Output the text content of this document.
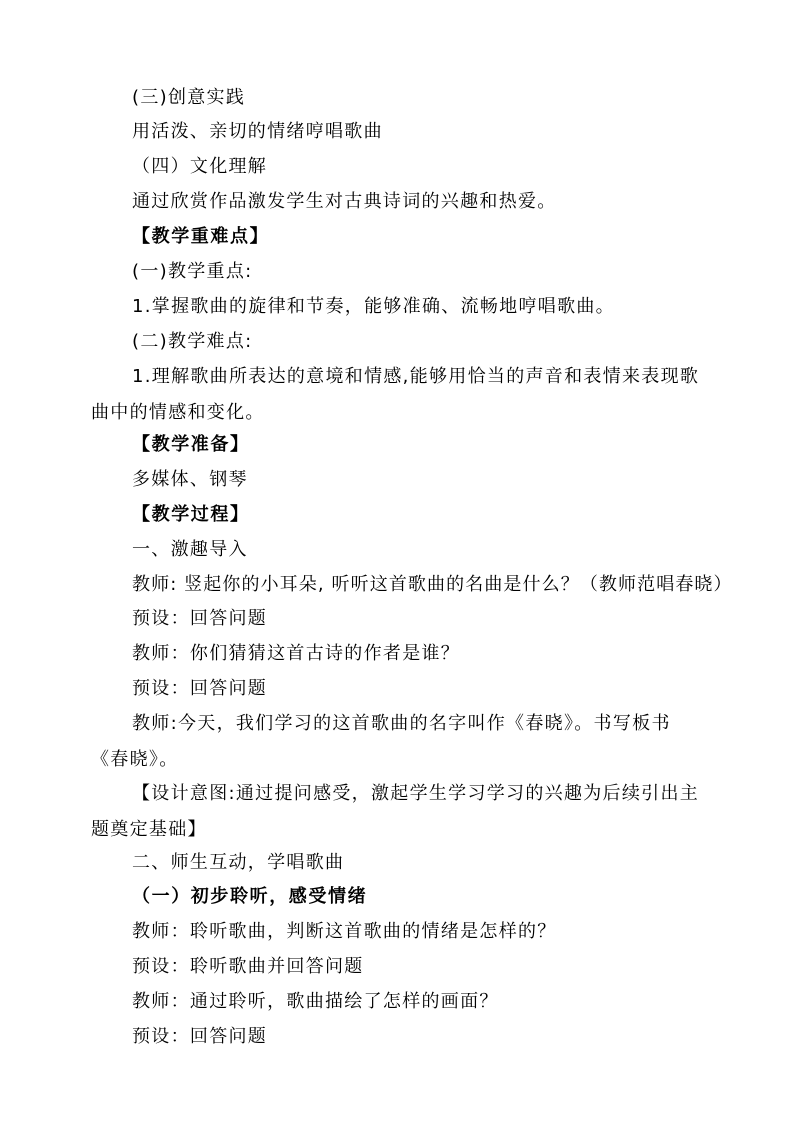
(三)创意实践
用活泼、亲切的情绪哼唱歌曲
（四）文化理解
通过欣赏作品激发学生对古典诗词的兴趣和热爱。
【教学重难点】
(一)教学重点:
1.掌握歌曲的旋律和节奏，能够准确、流畅地哼唱歌曲。
(二)教学难点:
1.理解歌曲所表达的意境和情感,能够用恰当的声音和表情来表现歌曲中的情感和变化。
【教学准备】
多媒体、钢琴
【教学过程】
一、激趣导入
教师: 竖起你的小耳朵, 听听这首歌曲的名曲是什么？（教师范唱春晓）
预设：回答问题
教师：你们猜猜这首古诗的作者是谁？
预设：回答问题
教师:今天，我们学习的这首歌曲的名字叫作《春晓》。书写板书《春晓》。
【设计意图:通过提问感受，激起学生学习学习的兴趣为后续引出主题奠定基础】
二、师生互动，学唱歌曲
（一）初步聆听，感受情绪
教师：聆听歌曲，判断这首歌曲的情绪是怎样的？
预设：聆听歌曲并回答问题
教师：通过聆听，歌曲描绘了怎样的画面？
预设：回答问题
